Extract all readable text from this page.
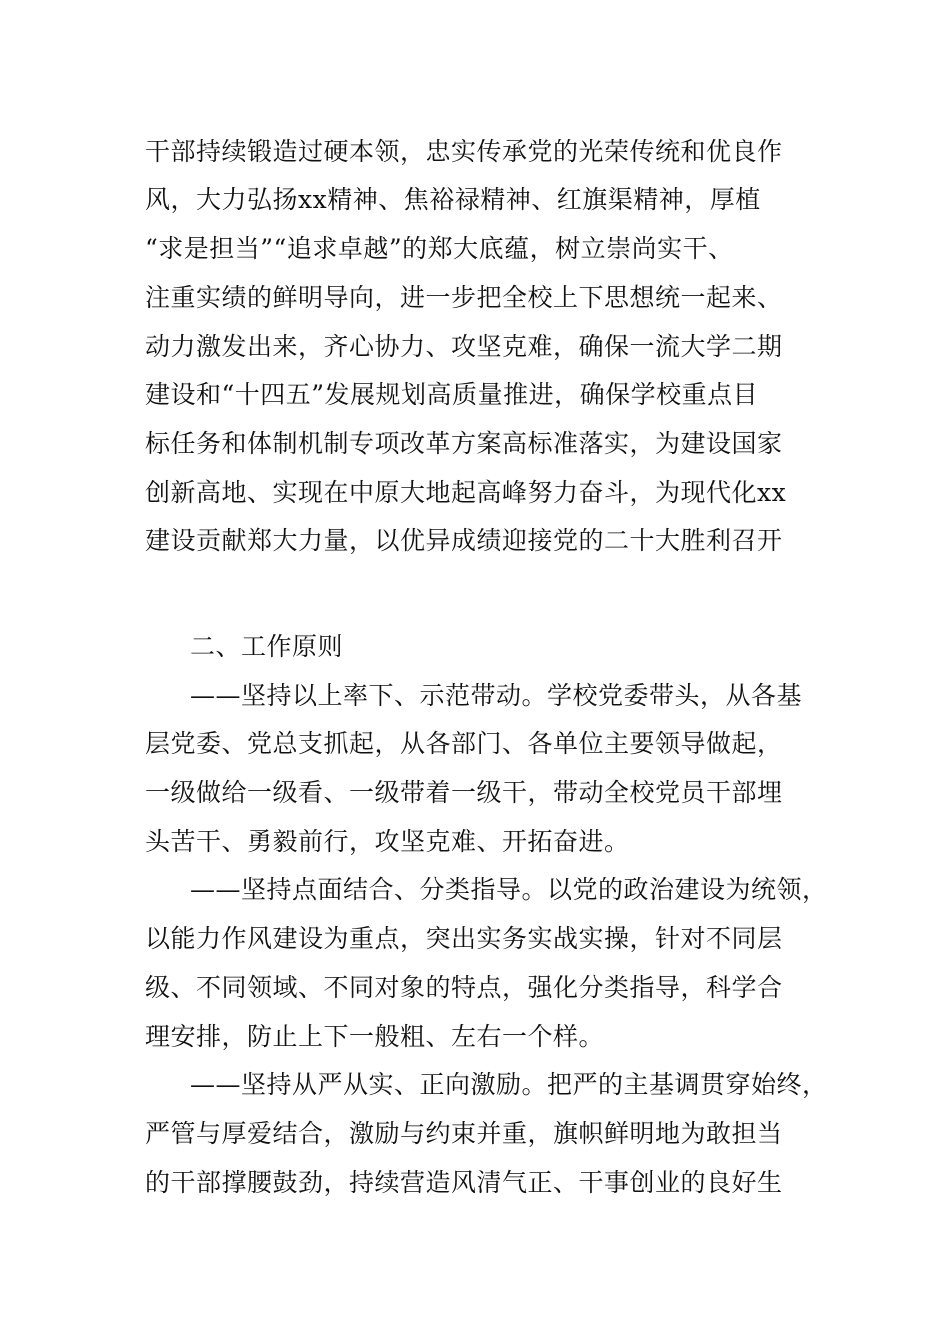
干部持续锻造过硬本领，忠实传承党的光荣传统和优良作
风，大力弘扬xx精神、焦裕禄精神、红旗渠精神，厚植
“求是担当”“追求卓越”的郑大底蕴，树立崇尚实干、
注重实绩的鲜明导向，进一步把全校上下思想统一起来、
动力激发出来，齐心协力、攻坚克难，确保一流大学二期
建设和“十四五”发展规划高质量推进，确保学校重点目
标任务和体制机制专项改革方案高标准落实，为建设国家
创新高地、实现在中原大地起高峰努力奋斗，为现代化xx
建设贡献郑大力量，以优异成绩迎接党的二十大胜利召开
二、工作原则
——坚持以上率下、示范带动。学校党委带头，从各基
层党委、党总支抓起，从各部门、各单位主要领导做起，
一级做给一级看、一级带着一级干，带动全校党员干部埋
头苦干、勇毅前行，攻坚克难、开拓奋进。
——坚持点面结合、分类指导。以党的政治建设为统领，
以能力作风建设为重点，突出实务实战实操，针对不同层
级、不同领域、不同对象的特点，强化分类指导，科学合
理安排，防止上下一般粗、左右一个样。
——坚持从严从实、正向激励。把严的主基调贯穿始终，
严管与厚爱结合，激励与约束并重，旗帜鲜明地为敢担当
的干部撑腰鼓劲，持续营造风清气正、干事创业的良好生
